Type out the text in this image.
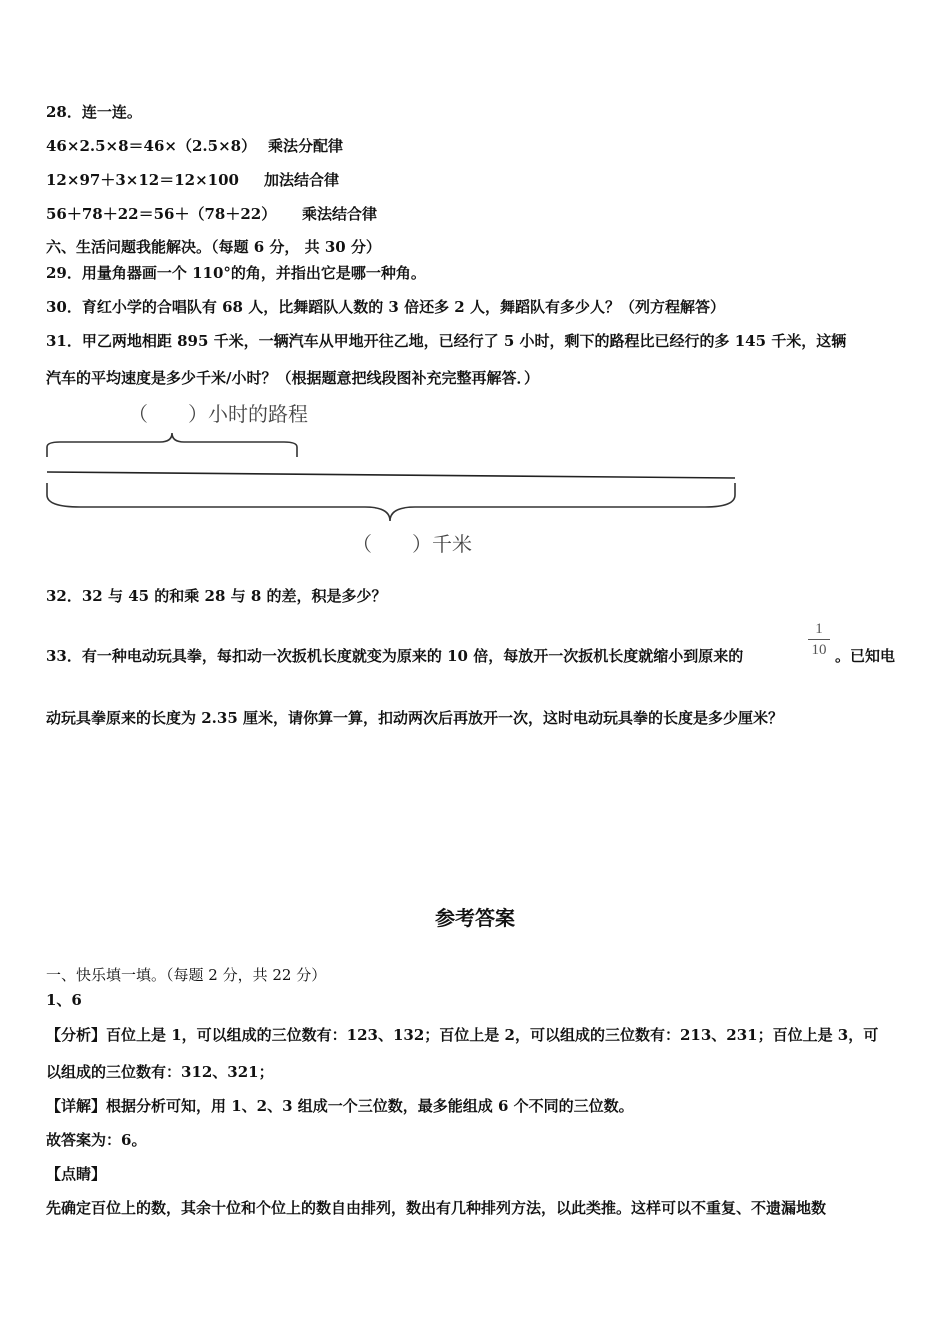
28．连一连。

46×2.5×8＝46×（2.5×8） 乘法分配律

12×97＋3×12＝12×100 加法结合律

56＋78＋22＝56＋（78＋22） 乘法结合律

六、生活问题我能解决。（每题 6 分， 共 30 分）

29．用量角器画一个 110°的角，并指出它是哪一种角。

30．育红小学的合唱队有 68 人，比舞蹈队人数的 3 倍还多 2 人，舞蹈队有多少人？（列方程解答）

31．甲乙两地相距 895 千米，一辆汽车从甲地开往乙地，已经行了 5 小时，剩下的路程比已经行的多 145 千米，这辆

汽车的平均速度是多少千米/小时？（根据题意把线段图补充完整再解答．）

（　　）小时的路程
（　　）千米

32．32 与 45 的和乘 28 与 8 的差，积是多少？

33．有一种电动玩具拳，每扣动一次扳机长度就变为原来的 10 倍，每放开一次扳机长度就缩小到原来的

1
10 。已知电

动玩具拳原来的长度为 2.35 厘米，请你算一算，扣动两次后再放开一次，这时电动玩具拳的长度是多少厘米？

参考答案

一、快乐填一填。（每题 2 分，共 22 分）

1、6

【分析】百位上是 1，可以组成的三位数有：123、132；百位上是 2，可以组成的三位数有：213、231；百位上是 3，可

以组成的三位数有：312、321；

【详解】根据分析可知，用 1、2、3 组成一个三位数，最多能组成 6 个不同的三位数。

故答案为：6。

【点睛】

先确定百位上的数，其余十位和个位上的数自由排列，数出有几种排列方法，以此类推。这样可以不重复、不遗漏地数
